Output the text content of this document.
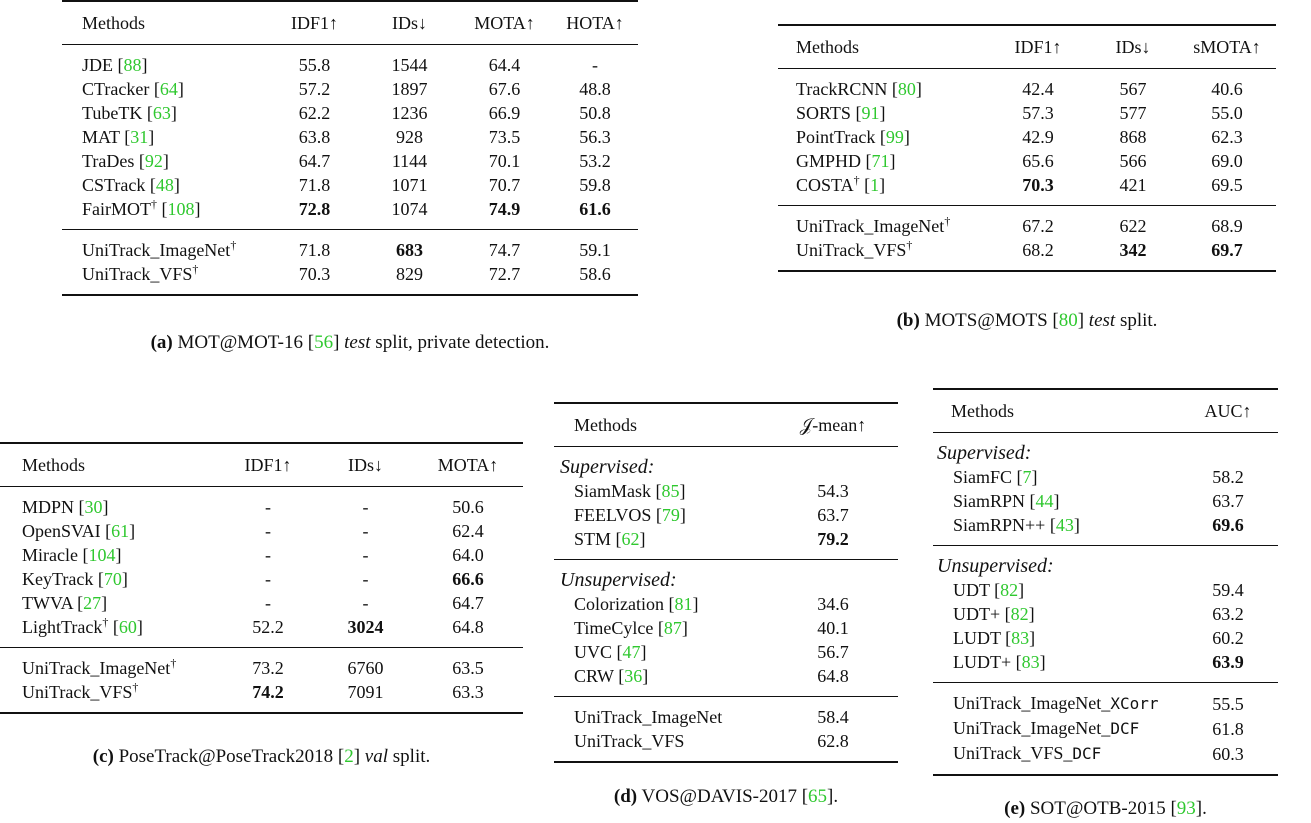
Methods	IDF1↑	IDs↓	MOTA↑	HOTA↑
JDE [88]	55.8	1544	64.4	-
CTracker [64]	57.2	1897	67.6	48.8
TubeTK [63]	62.2	1236	66.9	50.8
MAT [31]	63.8	928	73.5	56.3
TraDes [92]	64.7	1144	70.1	53.2
CSTrack [48]	71.8	1071	70.7	59.8
FairMOT† [108]	72.8	1074	74.9	61.6
UniTrack_ImageNet†	71.8	683	74.7	59.1
UniTrack_VFS†	70.3	829	72.7	58.6
(a) MOT@MOT-16 [56] test split, private detection.
Methods	IDF1↑	IDs↓	sMOTA↑
TrackRCNN [80]	42.4	567	40.6
SORTS [91]	57.3	577	55.0
PointTrack [99]	42.9	868	62.3
GMPHD [71]	65.6	566	69.0
COSTA† [1]	70.3	421	69.5
UniTrack_ImageNet†	67.2	622	68.9
UniTrack_VFS†	68.2	342	69.7
(b) MOTS@MOTS [80] test split.
Methods	IDF1↑	IDs↓	MOTA↑
MDPN [30]	-	-	50.6
OpenSVAI [61]	-	-	62.4
Miracle [104]	-	-	64.0
KeyTrack [70]	-	-	66.6
TWVA [27]	-	-	64.7
LightTrack† [60]	52.2	3024	64.8
UniTrack_ImageNet†	73.2	6760	63.5
UniTrack_VFS†	74.2	7091	63.3
(c) PoseTrack@PoseTrack2018 [2] val split.
Methods	𝒥-mean↑
Supervised:	
SiamMask [85]	54.3
FEELVOS [79]	63.7
STM [62]	79.2
Unsupervised:	
Colorization [81]	34.6
TimeCylce [87]	40.1
UVC [47]	56.7
CRW [36]	64.8
UniTrack_ImageNet	58.4
UniTrack_VFS	62.8
(d) VOS@DAVIS-2017 [65].
Methods	AUC↑
Supervised:	
SiamFC [7]	58.2
SiamRPN [44]	63.7
SiamRPN++ [43]	69.6
Unsupervised:	
UDT [82]	59.4
UDT+ [82]	63.2
LUDT [83]	60.2
LUDT+ [83]	63.9
UniTrack_ImageNet_XCorr	55.5
UniTrack_ImageNet_DCF	61.8
UniTrack_VFS_DCF	60.3
(e) SOT@OTB-2015 [93].
